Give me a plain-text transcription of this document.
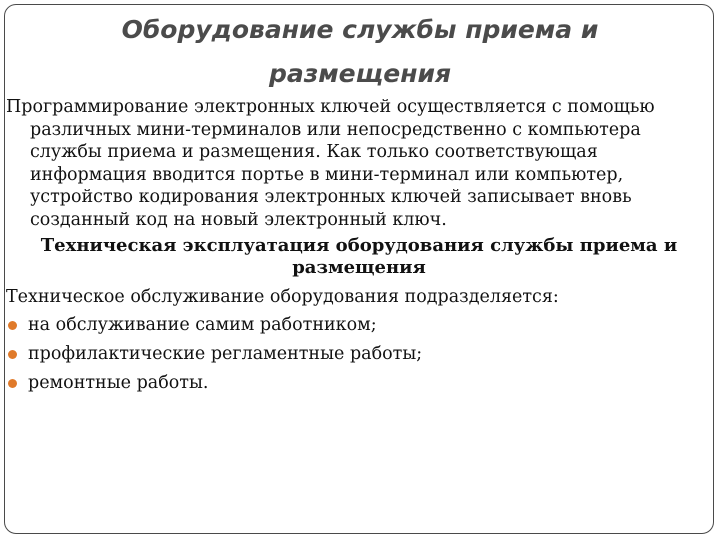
Оборудование службы приема и размещения

Программирование электронных ключей осуществляется с помощью различных мини-терминалов или непосредственно с компьютера службы приема и размещения. Как только соответствующая информация вводится портье в мини-терминал или компьютер, устройство кодирования электронных ключей записывает вновь созданный код на новый электронный ключ.

Техническая эксплуатация оборудования службы приема и размещения

Техническое обслуживание оборудования подразделяется:

на обслуживание самим работником;
профилактические регламентные работы;
ремонтные работы.
